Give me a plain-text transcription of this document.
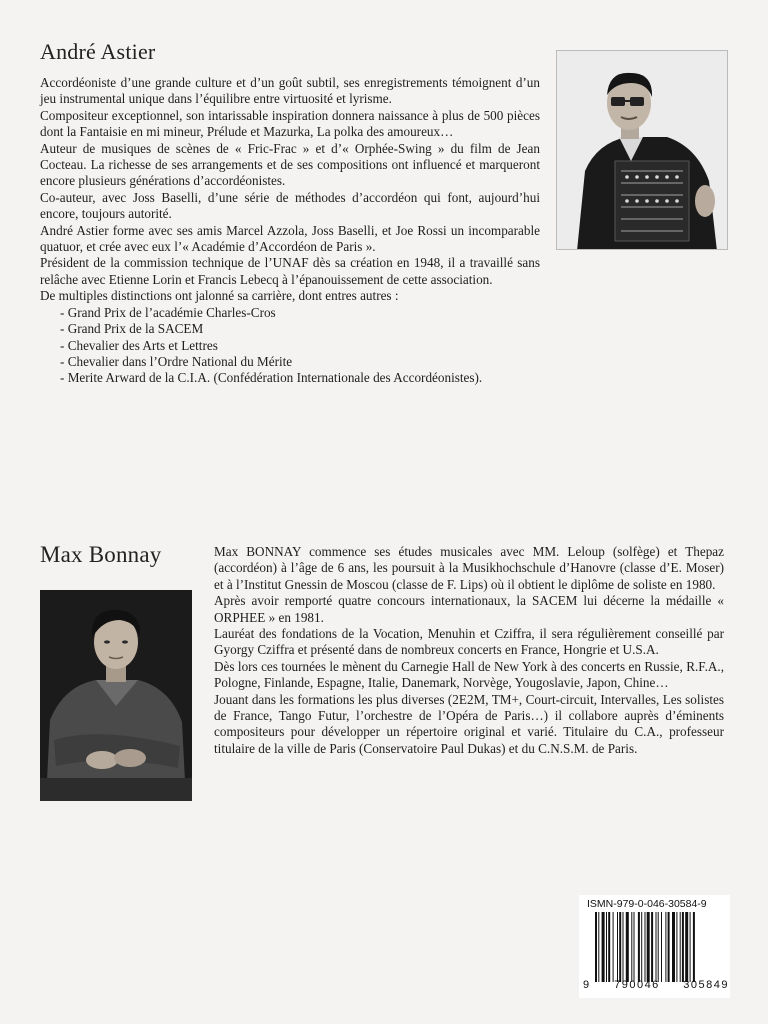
André Astier

Accordéoniste d’une grande culture et d’un goût subtil, ses enregistrements témoignent d’un jeu instrumental unique dans l’équilibre entre virtuosité et lyrisme.

Compositeur exceptionnel, son intarissable inspiration donnera naissance à plus de 500 pièces dont la Fantaisie en mi mineur, Prélude et Mazurka, La polka des amoureux…

Auteur de musiques de scènes de « Fric-Frac » et d’« Orphée-Swing » du film de Jean Cocteau. La richesse de ses arrangements et de ses compositions ont influencé et marqueront encore plusieurs générations d’accordéonistes.

Co-auteur, avec Joss Baselli, d’une série de méthodes d’accordéon qui font, aujourd’hui encore, toujours autorité.

André Astier forme avec ses amis Marcel Azzola, Joss Baselli, et Joe Rossi un incomparable quatuor, et crée avec eux l’« Académie d’Accordéon de Paris ».

Président de la commission technique de l’UNAF dès sa création en 1948, il a travaillé sans relâche avec Etienne Lorin et Francis Lebecq à l’épanouissement de cette association.

De multiples distinctions ont jalonné sa carrière, dont entres autres :

- Grand Prix de l’académie Charles-Cros
- Grand Prix de la SACEM
- Chevalier des Arts et Lettres
- Chevalier dans l’Ordre National du Mérite
- Merite Arward de la C.I.A. (Confédération Internationale des Accordéonistes).
Max Bonnay	Max BONNAY commence ses études musicales avec MM. Leloup (solfège) et Thepaz (accordéon) à l’âge de 6 ans, les poursuit à la Musikhochschule d’Hanovre (classe d’E. Moser) et à l’Institut Gnessin de Moscou (classe de F. Lips) où il obtient le diplôme de soliste en 1980.

Après avoir remporté quatre concours internationaux, la SACEM lui décerne la médaille « ORPHEE » en 1981.

Lauréat des fondations de la Vocation, Menuhin et Cziffra, il sera régulièrement conseillé par Gyorgy Cziffra et présenté dans de nombreux concerts en France, Hongrie et U.S.A.

Dès lors ces tournées le mènent du Carnegie Hall de New York à des concerts en Russie, R.F.A., Pologne, Finlande, Espagne, Italie, Danemark, Norvège, Yougoslavie, Japon, Chine…

Jouant dans les formations les plus diverses (2E2M, TM+, Court-circuit, Intervalles, Les solistes de France, Tango Futur, l’orchestre de l’Opéra de Paris…) il collabore auprès d’éminents compositeurs pour développer un répertoire original et varié. Titulaire du C.A., professeur titulaire de la ville de Paris (Conservatoire Paul Dukas) et du C.N.S.M. de Paris.

ISMN-979-0-046-30584-9
9 790046 305849
